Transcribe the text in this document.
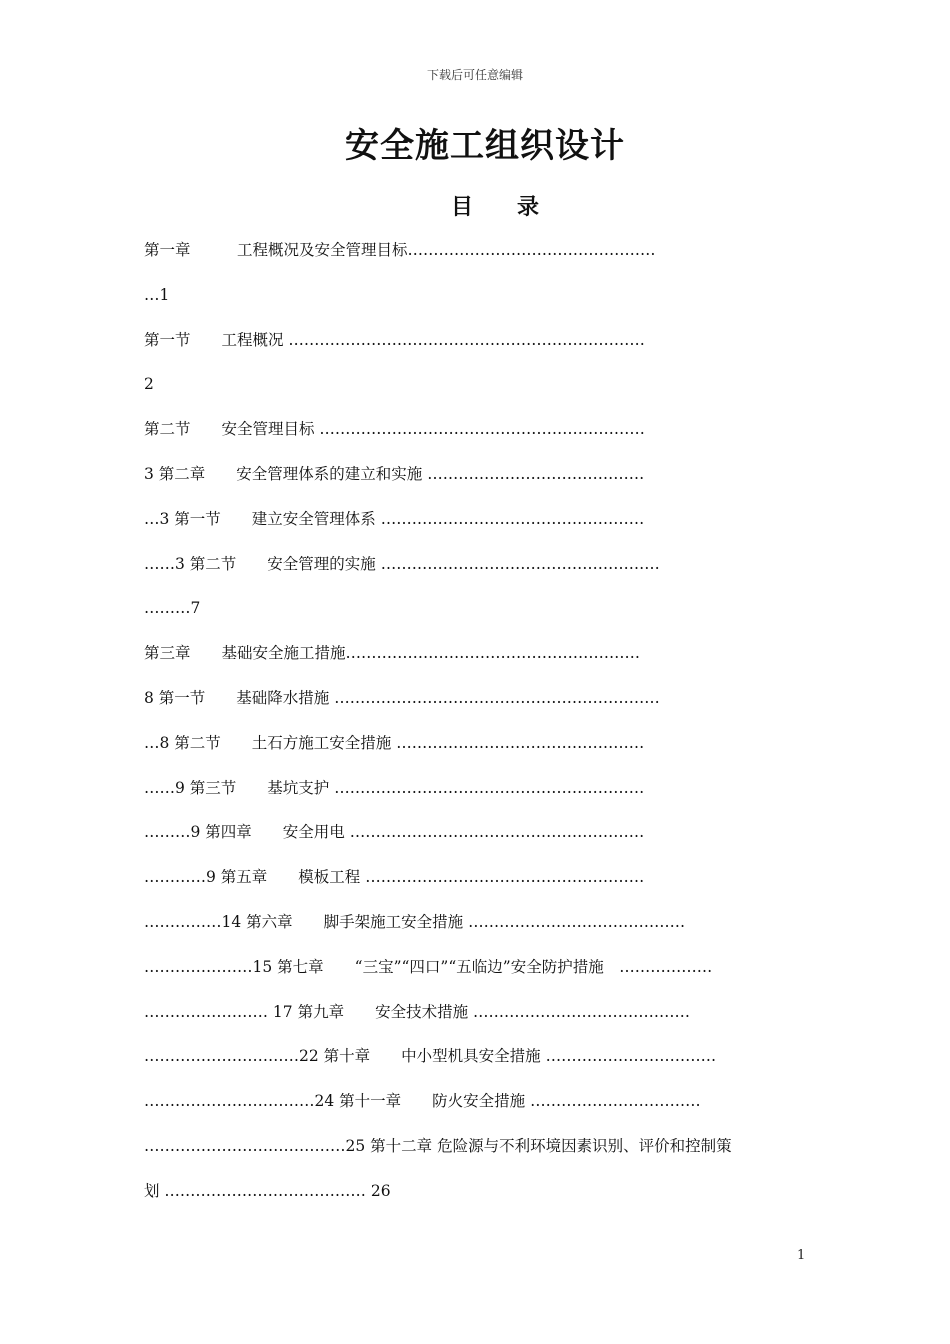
下载后可任意编辑
安全施工组织设计
目 录
第一章　　　工程概况及安全管理目标…………………………………………
…1
第一节　　工程概况 ……………………………………………………………
2
第二节　　安全管理目标 ………………………………………………………
3 第二章　　安全管理体系的建立和实施 ……………………………………
…3 第一节　　建立安全管理体系 ……………………………………………
……3 第二节　　安全管理的实施 ………………………………………………
………7
第三章　　基础安全施工措施…………………………………………………
8 第一节　　基础降水措施 ………………………………………………………
…8 第二节　　土石方施工安全措施 …………………………………………
……9 第三节　　基坑支护 ……………………………………………………
………9 第四章　　安全用电 …………………………………………………
…………9 第五章　　模板工程 ………………………………………………
……………14 第六章　　脚手架施工安全措施 ……………………………………
…………………15 第七章　　“三宝”“四口”“五临边”安全防护措施　………………
…………………… 17 第九章　　安全技术措施 ……………………………………
…………………………22 第十章　　中小型机具安全措施 ……………………………
……………………………24 第十一章　　防火安全措施 ……………………………
…………………………………25 第十二章 危险源与不利环境因素识别、评价和控制策
划 ………………………………… 26
1
